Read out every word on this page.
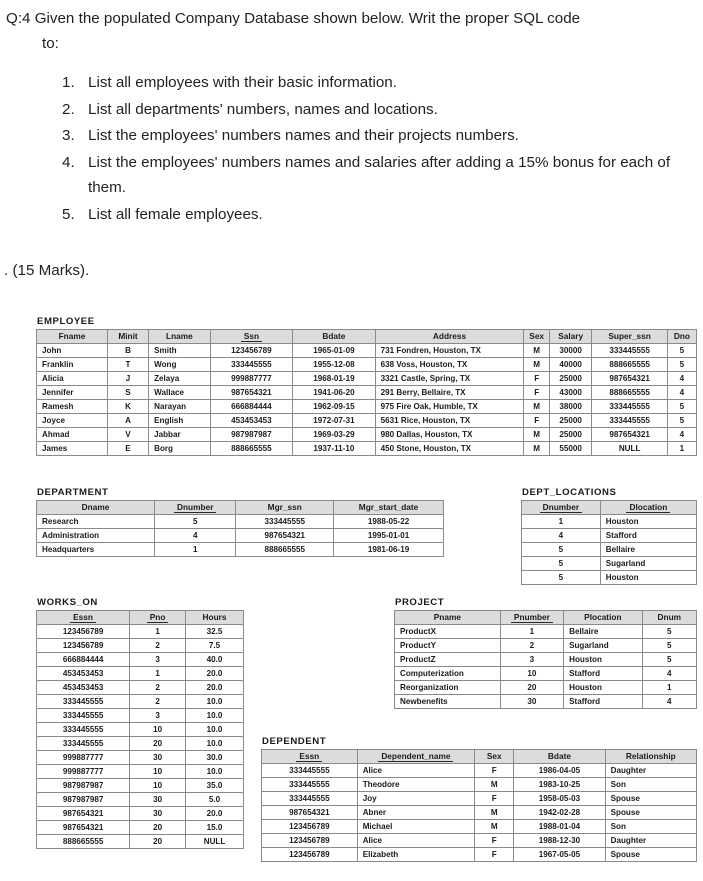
Q:4 Given the populated Company Database shown below. Writ the proper SQL code
to:
List all employees with their basic information.
List all departments' numbers, names and locations.
List the employees' numbers names and their projects numbers.
List the employees' numbers names and salaries after adding a 15% bonus for each of them.
List all female employees.
. (15 Marks).
EMPLOYEE
Fname	Minit	Lname	Ssn	Bdate	Address	Sex	Salary	Super_ssn	Dno
John	B	Smith	123456789	1965-01-09	731 Fondren, Houston, TX	M	30000	333445555	5
Franklin	T	Wong	333445555	1955-12-08	638 Voss, Houston, TX	M	40000	888665555	5
Alicia	J	Zelaya	999887777	1968-01-19	3321 Castle, Spring, TX	F	25000	987654321	4
Jennifer	S	Wallace	987654321	1941-06-20	291 Berry, Bellaire, TX	F	43000	888665555	4
Ramesh	K	Narayan	666884444	1962-09-15	975 Fire Oak, Humble, TX	M	38000	333445555	5
Joyce	A	English	453453453	1972-07-31	5631 Rice, Houston, TX	F	25000	333445555	5
Ahmad	V	Jabbar	987987987	1969-03-29	980 Dallas, Houston, TX	M	25000	987654321	4
James	E	Borg	888665555	1937-11-10	450 Stone, Houston, TX	M	55000	NULL	1
DEPARTMENT
Dname	Dnumber	Mgr_ssn	Mgr_start_date
Research	5	333445555	1988-05-22
Administration	4	987654321	1995-01-01
Headquarters	1	888665555	1981-06-19
DEPT_LOCATIONS
Dnumber	Dlocation
1	Houston
4	Stafford
5	Bellaire
5	Sugarland
5	Houston
WORKS_ON
Essn	Pno	Hours
123456789	1	32.5
123456789	2	7.5
666884444	3	40.0
453453453	1	20.0
453453453	2	20.0
333445555	2	10.0
333445555	3	10.0
333445555	10	10.0
333445555	20	10.0
999887777	30	30.0
999887777	10	10.0
987987987	10	35.0
987987987	30	5.0
987654321	30	20.0
987654321	20	15.0
888665555	20	NULL
PROJECT
Pname	Pnumber	Plocation	Dnum
ProductX	1	Bellaire	5
ProductY	2	Sugarland	5
ProductZ	3	Houston	5
Computerization	10	Stafford	4
Reorganization	20	Houston	1
Newbenefits	30	Stafford	4
DEPENDENT
Essn	Dependent_name	Sex	Bdate	Relationship
333445555	Alice	F	1986-04-05	Daughter
333445555	Theodore	M	1983-10-25	Son
333445555	Joy	F	1958-05-03	Spouse
987654321	Abner	M	1942-02-28	Spouse
123456789	Michael	M	1988-01-04	Son
123456789	Alice	F	1988-12-30	Daughter
123456789	Elizabeth	F	1967-05-05	Spouse
